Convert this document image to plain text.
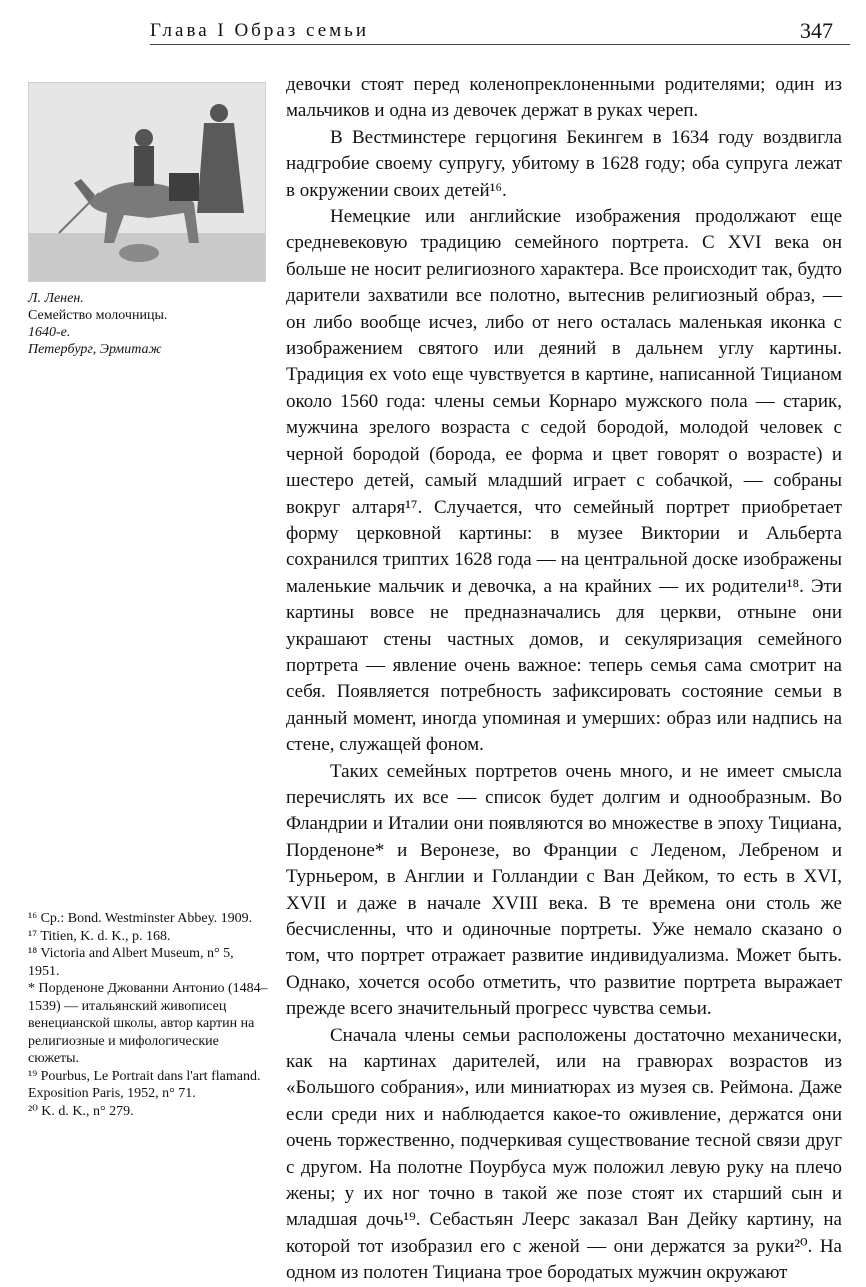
Глава I Образ семьи	347
Л. Ленен.
Семейство молочницы.
1640-е.
Петербург, Эрмитаж

девочки стоят перед коленопреклоненными родителями; один из мальчиков и одна из девочек держат в руках череп.

В Вестминстере герцогиня Бекингем в 1634 году воздвигла надгробие своему супругу, убитому в 1628 году; оба супруга лежат в окружении своих детей¹⁶.

Немецкие или английские изображения продолжают еще средневековую традицию семейного портрета. С XVI века он больше не носит религиозного характера. Все происходит так, будто дарители захватили все полотно, вытеснив религиозный образ, — он либо вообще исчез, либо от него осталась маленькая иконка с изображением святого или деяний в дальнем углу картины. Традиция ex voto еще чувствуется в картине, написанной Тицианом около 1560 года: члены семьи Корнаро мужского пола — старик, мужчина зрелого возраста с седой бородой, молодой человек с черной бородой (борода, ее форма и цвет говорят о возрасте) и шестеро детей, самый младший играет с собачкой, — собраны вокруг алтаря¹⁷. Случается, что семейный портрет приобретает форму церковной картины: в музее Виктории и Альберта сохранился триптих 1628 года — на центральной доске изображены маленькие мальчик и девочка, а на крайних — их родители¹⁸. Эти картины вовсе не предназначались для церкви, отныне они украшают стены частных домов, и секуляризация семейного портрета — явление очень важное: теперь семья сама смотрит на себя. Появляется потребность зафиксировать состояние семьи в данный момент, иногда упоминая и умерших: образ или надпись на стене, служащей фоном.

Таких семейных портретов очень много, и не имеет смысла перечислять их все — список будет долгим и однообразным. Во Фландрии и Италии они появляются во множестве в эпоху Тициана, Порденоне* и Веронезе, во Франции с Леденом, Лебреном и Турньером, в Англии и Голландии с Ван Дейком, то есть в XVI, XVII и даже в начале XVIII века. В те времена они столь же бесчисленны, что и одиночные портреты. Уже немало сказано о том, что портрет отражает развитие индивидуализма. Может быть. Однако, хочется особо отметить, что развитие портрета выражает прежде всего значительный прогресс чувства семьи.

Сначала члены семьи расположены достаточно механически, как на картинах дарителей, или на гравюрах возрастов из «Большого собрания», или миниатюрах из музея св. Реймона. Даже если среди них и наблюдается какое-то оживление, держатся они очень торжественно, подчеркивая существование тесной связи друг с другом. На полотне Поурбуса муж положил левую руку на плечо жены; у их ног точно в такой же позе стоят их старший сын и младшая дочь¹⁹. Себастьян Леерс заказал Ван Дейку картину, на которой тот изобразил его с женой — они держатся за руки²⁰. На одном из полотен Тициана трое бородатых мужчин окружают

¹⁶ Ср.: Bond. Westminster Abbey. 1909.

¹⁷ Titien, K. d. K., p. 168.

¹⁸ Victoria and Albert Museum, n° 5, 1951.

* Порденоне Джованни Антонио (1484–1539) — итальянский живописец венецианской школы, автор картин на религиозные и мифологические сюжеты.

¹⁹ Pourbus, Le Portrait dans l'art flamand. Exposition Paris, 1952, n° 71.

²⁰ K. d. K., n° 279.
